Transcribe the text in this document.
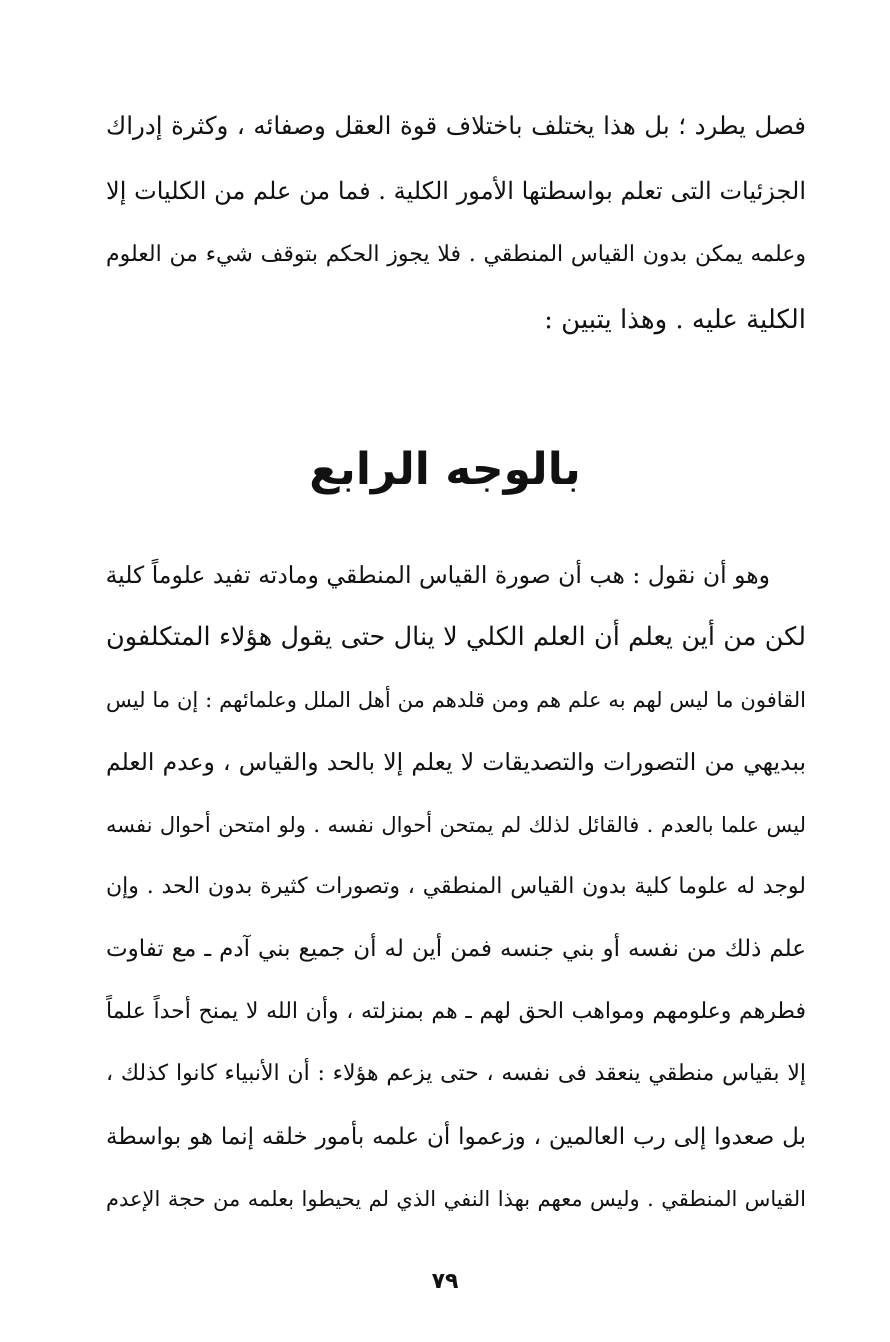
فصل يطرد ؛ بل هذا يختلف باختلاف قوة العقل وصفائه ، وكثرة إدراك
الجزئيات التى تعلم بواسطتها الأمور الكلية . فما من علم من الكليات إلا
وعلمه يمكن بدون القياس المنطقي . فلا يجوز الحكم بتوقف شيء من العلوم
الكلية عليه . وهذا يتبين :
بالوجه الرابع
وهو أن نقول : هب أن صورة القياس المنطقي ومادته تفيد علوماً كلية
لكن من أين يعلم أن العلم الكلي لا ينال حتى يقول هؤلاء المتكلفون
القافون ما ليس لهم به علم هم ومن قلدهم من أهل الملل وعلمائهم : إن ما ليس
ببديهي من التصورات والتصديقات لا يعلم إلا بالحد والقياس ، وعدم العلم
ليس علما بالعدم . فالقائل لذلك لم يمتحن أحوال نفسه . ولو امتحن أحوال نفسه
لوجد له علوما كلية بدون القياس المنطقي ، وتصورات كثيرة بدون الحد . وإن
علم ذلك من نفسه أو بني جنسه فمن أين له أن جميع بني آدم ـ مع تفاوت
فطرهم وعلومهم ومواهب الحق لهم ـ هم بمنزلته ، وأن الله لا يمنح أحداً علماً
إلا بقياس منطقي ينعقد فى نفسه ، حتى يزعم هؤلاء : أن الأنبياء كانوا كذلك ،
بل صعدوا إلى رب العالمين ، وزعموا أن علمه بأمور خلقه إنما هو بواسطة
القياس المنطقي . وليس معهم بهذا النفي الذي لم يحيطوا بعلمه من حجة الإعدم
٧٩
